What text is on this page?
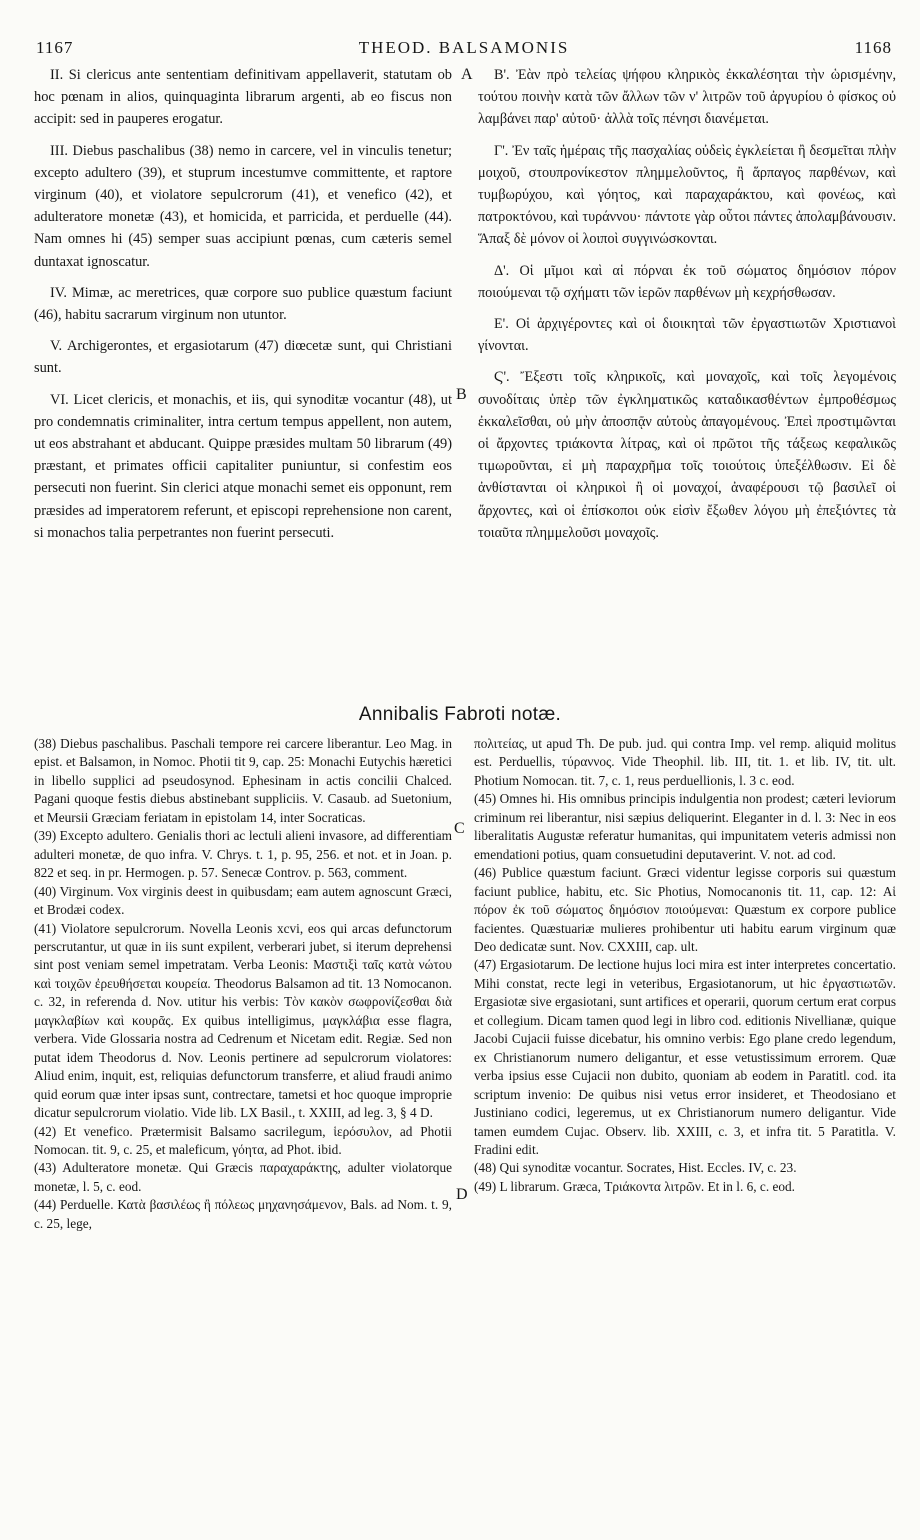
1167	THEOD. BALSAMONIS	1168
A
B
C
D

II. Si clericus ante sententiam definitivam appellaverit, statutam ob hoc pœnam in alios, quinquaginta librarum argenti, ab eo fiscus non accipit: sed in pauperes erogatur.

III. Diebus paschalibus (38) nemo in carcere, vel in vinculis tenetur; excepto adultero (39), et stuprum incestumve committente, et raptore virginum (40), et violatore sepulcrorum (41), et venefico (42), et adulteratore monetæ (43), et homicida, et parricida, et perduelle (44). Nam omnes hi (45) semper suas accipiunt pœnas, cum cæteris semel duntaxat ignoscatur.

IV. Mimæ, ac meretrices, quæ corpore suo publice quæstum faciunt (46), habitu sacrarum virginum non utuntor.

V. Archigerontes, et ergasiotarum (47) diœcetæ sunt, qui Christiani sunt.

VI. Licet clericis, et monachis, et iis, qui synoditæ vocantur (48), ut pro condemnatis criminaliter, intra certum tempus appellent, non autem, ut eos abstrahant et abducant. Quippe præsides multam 50 librarum (49) præstant, et primates officii capitaliter puniuntur, si confestim eos persecuti non fuerint. Sin clerici atque monachi semet eis opponunt, rem præsides ad imperatorem referunt, et episcopi reprehensione non carent, si monachos talia perpetrantes non fuerint persecuti.

Β'. Ἐὰν πρὸ τελείας ψήφου κληρικὸς ἐκκαλέσηται τὴν ὡρισμένην, τούτου ποινὴν κατὰ τῶν ἄλλων τῶν ν' λιτρῶν τοῦ ἀργυρίου ὁ φίσκος οὐ λαμβάνει παρ' αὐτοῦ· ἀλλὰ τοῖς πένησι διανέμεται.

Γ'. Ἐν ταῖς ἡμέραις τῆς πασχαλίας οὐδεὶς ἐγκλείεται ἢ δεσμεῖται πλὴν μοιχοῦ, στουπρονίκεστον πλημμελοῦντος, ἢ ἅρπαγος παρθένων, καὶ τυμβωρύχου, καὶ γόητος, καὶ παραχαράκτου, καὶ φονέως, καὶ πατροκτόνου, καὶ τυράννου· πάντοτε γὰρ οὗτοι πάντες ἀπολαμβάνουσιν. Ἅπαξ δὲ μόνον οἱ λοιποὶ συγγινώσκονται.

Δ'. Οἱ μῖμοι καὶ αἱ πόρναι ἐκ τοῦ σώματος δημόσιον πόρον ποιούμεναι τῷ σχήματι τῶν ἱερῶν παρθένων μὴ κεχρήσθωσαν.

Ε'. Οἱ ἀρχιγέροντες καὶ οἱ διοικηταὶ τῶν ἐργαστιωτῶν Χριστιανοὶ γίνονται.

Ϛ'. Ἔξεστι τοῖς κληρικοῖς, καὶ μοναχοῖς, καὶ τοῖς λεγομένοις συνοδίταις ὑπὲρ τῶν ἐγκληματικῶς καταδικασθέντων ἐμπροθέσμως ἐκκαλεῖσθαι, οὐ μὴν ἀποσπᾷν αὐτοὺς ἀπαγομένους. Ἐπεὶ προστιμῶνται οἱ ἄρχοντες τριάκοντα λίτρας, καὶ οἱ πρῶτοι τῆς τάξεως κεφαλικῶς τιμωροῦνται, εἰ μὴ παραχρῆμα τοῖς τοιούτοις ὑπεξέλθωσιν. Εἰ δὲ ἀνθίστανται οἱ κληρικοὶ ἢ οἱ μοναχοί, ἀναφέρουσι τῷ βασιλεῖ οἱ ἄρχοντες, καὶ οἱ ἐπίσκοποι οὐκ εἰσὶν ἔξωθεν λόγου μὴ ἐπεξιόντες τὰ τοιαῦτα πλημμελοῦσι μοναχοῖς.

Annibalis Fabroti notæ.

(38) Diebus paschalibus. Paschali tempore rei carcere liberantur. Leo Mag. in epist. et Balsamon, in Nomoc. Photii tit 9, cap. 25: Monachi Eutychis hæretici in libello supplici ad pseudosynod. Ephesinam in actis concilii Chalced. Pagani quoque festis diebus abstinebant suppliciis. V. Casaub. ad Suetonium, et Meursii Græciam feriatam in epistolam 14, inter Socraticas.

(39) Excepto adultero. Genialis thori ac lectuli alieni invasore, ad differentiam adulteri monetæ, de quo infra. V. Chrys. t. 1, p. 95, 256. et not. et in Joan. p. 822 et seq. in pr. Hermogen. p. 57. Senecæ Controv. p. 563, comment.

(40) Virginum. Vox virginis deest in quibusdam; eam autem agnoscunt Græci, et Brodæi codex.

(41) Violatore sepulcrorum. Novella Leonis xcvi, eos qui arcas defunctorum perscrutantur, ut quæ in iis sunt expilent, verberari jubet, si iterum deprehensi sint post veniam semel impetratam. Verba Leonis: Μαστιξὶ ταῖς κατὰ νώτου καὶ τοιχῶν ἐρευθήσεται κουρεία. Theodorus Balsamon ad tit. 13 Nomocanon. c. 32, in referenda d. Nov. utitur his verbis: Τὸν κακὸν σωφρονίζεσθαι διὰ μαγκλαβίων καὶ κουρᾶς. Ex quibus intelligimus, μαγκλάβια esse flagra, verbera. Vide Glossaria nostra ad Cedrenum et Nicetam edit. Regiæ. Sed non putat idem Theodorus d. Nov. Leonis pertinere ad sepulcrorum violatores: Aliud enim, inquit, est, reliquias defunctorum transferre, et aliud fraudi animo quid eorum quæ inter ipsas sunt, contrectare, tametsi et hoc quoque improprie dicatur sepulcrorum violatio. Vide lib. LX Basil., t. XXIII, ad leg. 3, § 4 D.

(42) Et venefico. Prætermisit Balsamo sacrilegum, ἱερόσυλον, ad Photii Nomocan. tit. 9, c. 25, et maleficum, γόητα, ad Phot. ibid.

(43) Adulteratore monetæ. Qui Græcis παραχαράκτης, adulter violatorque monetæ, l. 5, c. eod.

(44) Perduelle. Κατὰ βασιλέως ἢ πόλεως μηχανησάμενον, Bals. ad Nom. t. 9, c. 25, lege,

πολιτείας, ut apud Th. De pub. jud. qui contra Imp. vel remp. aliquid molitus est. Perduellis, τύραννος. Vide Theophil. lib. III, tit. 1. et lib. IV, tit. ult. Photium Nomocan. tit. 7, c. 1, reus perduellionis, l. 3 c. eod.

(45) Omnes hi. His omnibus principis indulgentia non prodest; cæteri leviorum criminum rei liberantur, nisi sæpius deliquerint. Eleganter in d. l. 3: Nec in eos liberalitatis Augustæ referatur humanitas, qui impunitatem veteris admissi non emendationi potius, quam consuetudini deputaverint. V. not. ad cod.

(46) Publice quæstum faciunt. Græci videntur legisse corporis sui quæstum faciunt publice, habitu, etc. Sic Photius, Nomocanonis tit. 11, cap. 12: Αἱ πόρον ἐκ τοῦ σώματος δημόσιον ποιούμεναι: Quæstum ex corpore publice facientes. Quæstuariæ mulieres prohibentur uti habitu earum virginum quæ Deo dedicatæ sunt. Nov. CXXIII, cap. ult.

(47) Ergasiotarum. De lectione hujus loci mira est inter interpretes concertatio. Mihi constat, recte legi in veteribus, Ergasiotanorum, ut hic ἐργαστιωτῶν. Ergasiotæ sive ergasiotani, sunt artifices et operarii, quorum certum erat corpus et collegium. Dicam tamen quod legi in libro cod. editionis Nivellianæ, quique Jacobi Cujacii fuisse dicebatur, his omnino verbis: Ego plane credo legendum, ex Christianorum numero deligantur, et esse vetustissimum errorem. Quæ verba ipsius esse Cujacii non dubito, quoniam ab eodem in Paratitl. cod. ita scriptum invenio: De quibus nisi vetus error insideret, et Theodosiano et Justiniano codici, legeremus, ut ex Christianorum numero deligantur. Vide tamen eumdem Cujac. Observ. lib. XXIII, c. 3, et infra tit. 5 Paratitla. V. Fradini edit.

(48) Qui synoditæ vocantur. Socrates, Hist. Eccles. IV, c. 23.

(49) L librarum. Græca, Τριάκοντα λιτρῶν. Et in l. 6, c. eod.
